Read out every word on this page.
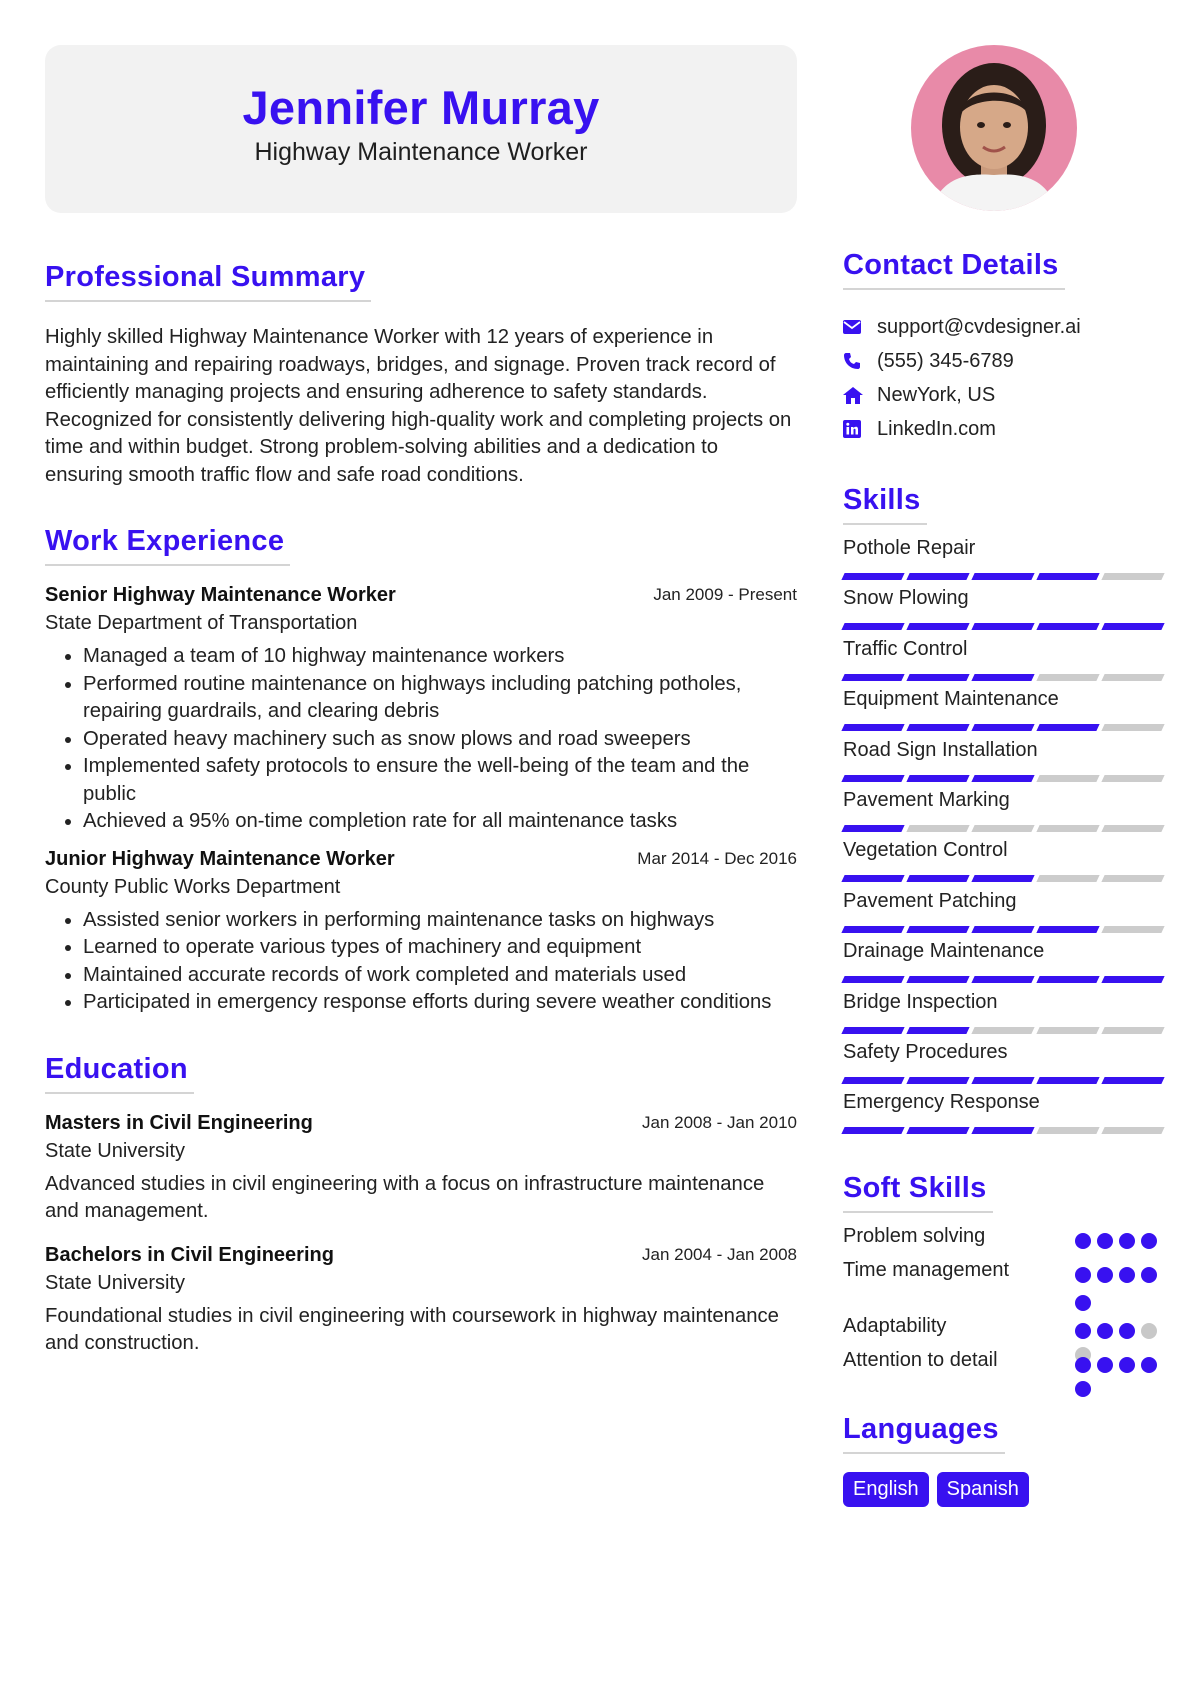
Jennifer Murray
Highway Maintenance Worker
Professional Summary

Highly skilled Highway Maintenance Worker with 12 years of experience in maintaining and repairing roadways, bridges, and signage. Proven track record of efficiently managing projects and ensuring adherence to safety standards. Recognized for consistently delivering high-quality work and completing projects on time and within budget. Strong problem-solving abilities and a dedication to ensuring smooth traffic flow and safe road conditions.

Work Experience
Senior Highway Maintenance Worker	Jan 2009 - Present
State Department of Transportation
• Managed a team of 10 highway maintenance workers
• Performed routine maintenance on highways including patching potholes, repairing guardrails, and clearing debris
• Operated heavy machinery such as snow plows and road sweepers
• Implemented safety protocols to ensure the well-being of the team and the public
• Achieved a 95% on-time completion rate for all maintenance tasks
Junior Highway Maintenance Worker	Mar 2014 - Dec 2016
County Public Works Department
• Assisted senior workers in performing maintenance tasks on highways
• Learned to operate various types of machinery and equipment
• Maintained accurate records of work completed and materials used
• Participated in emergency response efforts during severe weather conditions
Education
Masters in Civil Engineering	Jan 2008 - Jan 2010
State University

Advanced studies in civil engineering with a focus on infrastructure maintenance and management.

Bachelors in Civil Engineering	Jan 2004 - Jan 2008
State University

Foundational studies in civil engineering with coursework in highway maintenance and construction.

Contact Details
support@cvdesigner.ai
(555) 345-6789
NewYork, US
LinkedIn.com
Skills
Pothole Repair
Snow Plowing
Traffic Control
Equipment Maintenance
Road Sign Installation
Pavement Marking
Vegetation Control
Pavement Patching
Drainage Maintenance
Bridge Inspection
Safety Procedures
Emergency Response
Soft Skills
Problem solving
Time management
Adaptability
Attention to detail
Languages
English	Spanish
